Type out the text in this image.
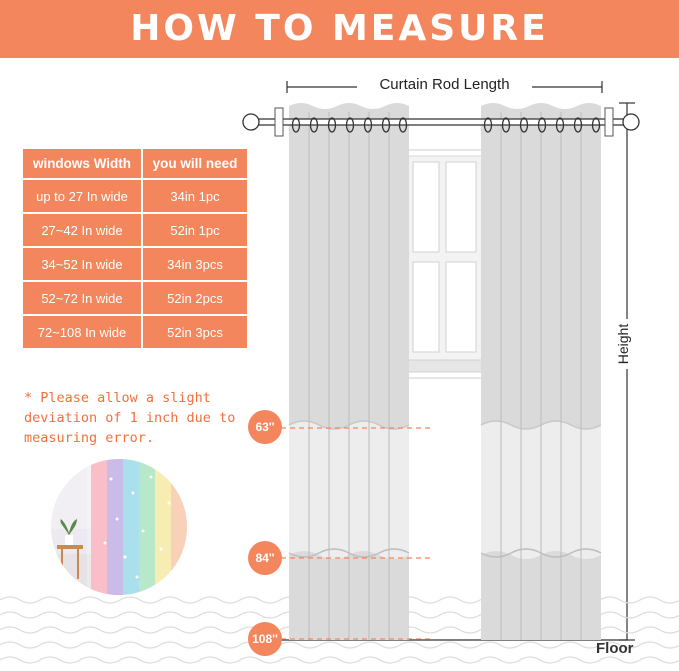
HOW TO MEASURE
windows Width	you will need
up to 27 In wide	34in 1pc
27~42 In wide	52in 1pc
34~52 In wide	34in 3pcs
52~72 In wide	52in 2pcs
72~108 In wide	52in 3pcs
* Please allow a slight
deviation of 1 inch due to
measuring error.
Curtain Rod Length
Height
Floor
63''
84''
108''
